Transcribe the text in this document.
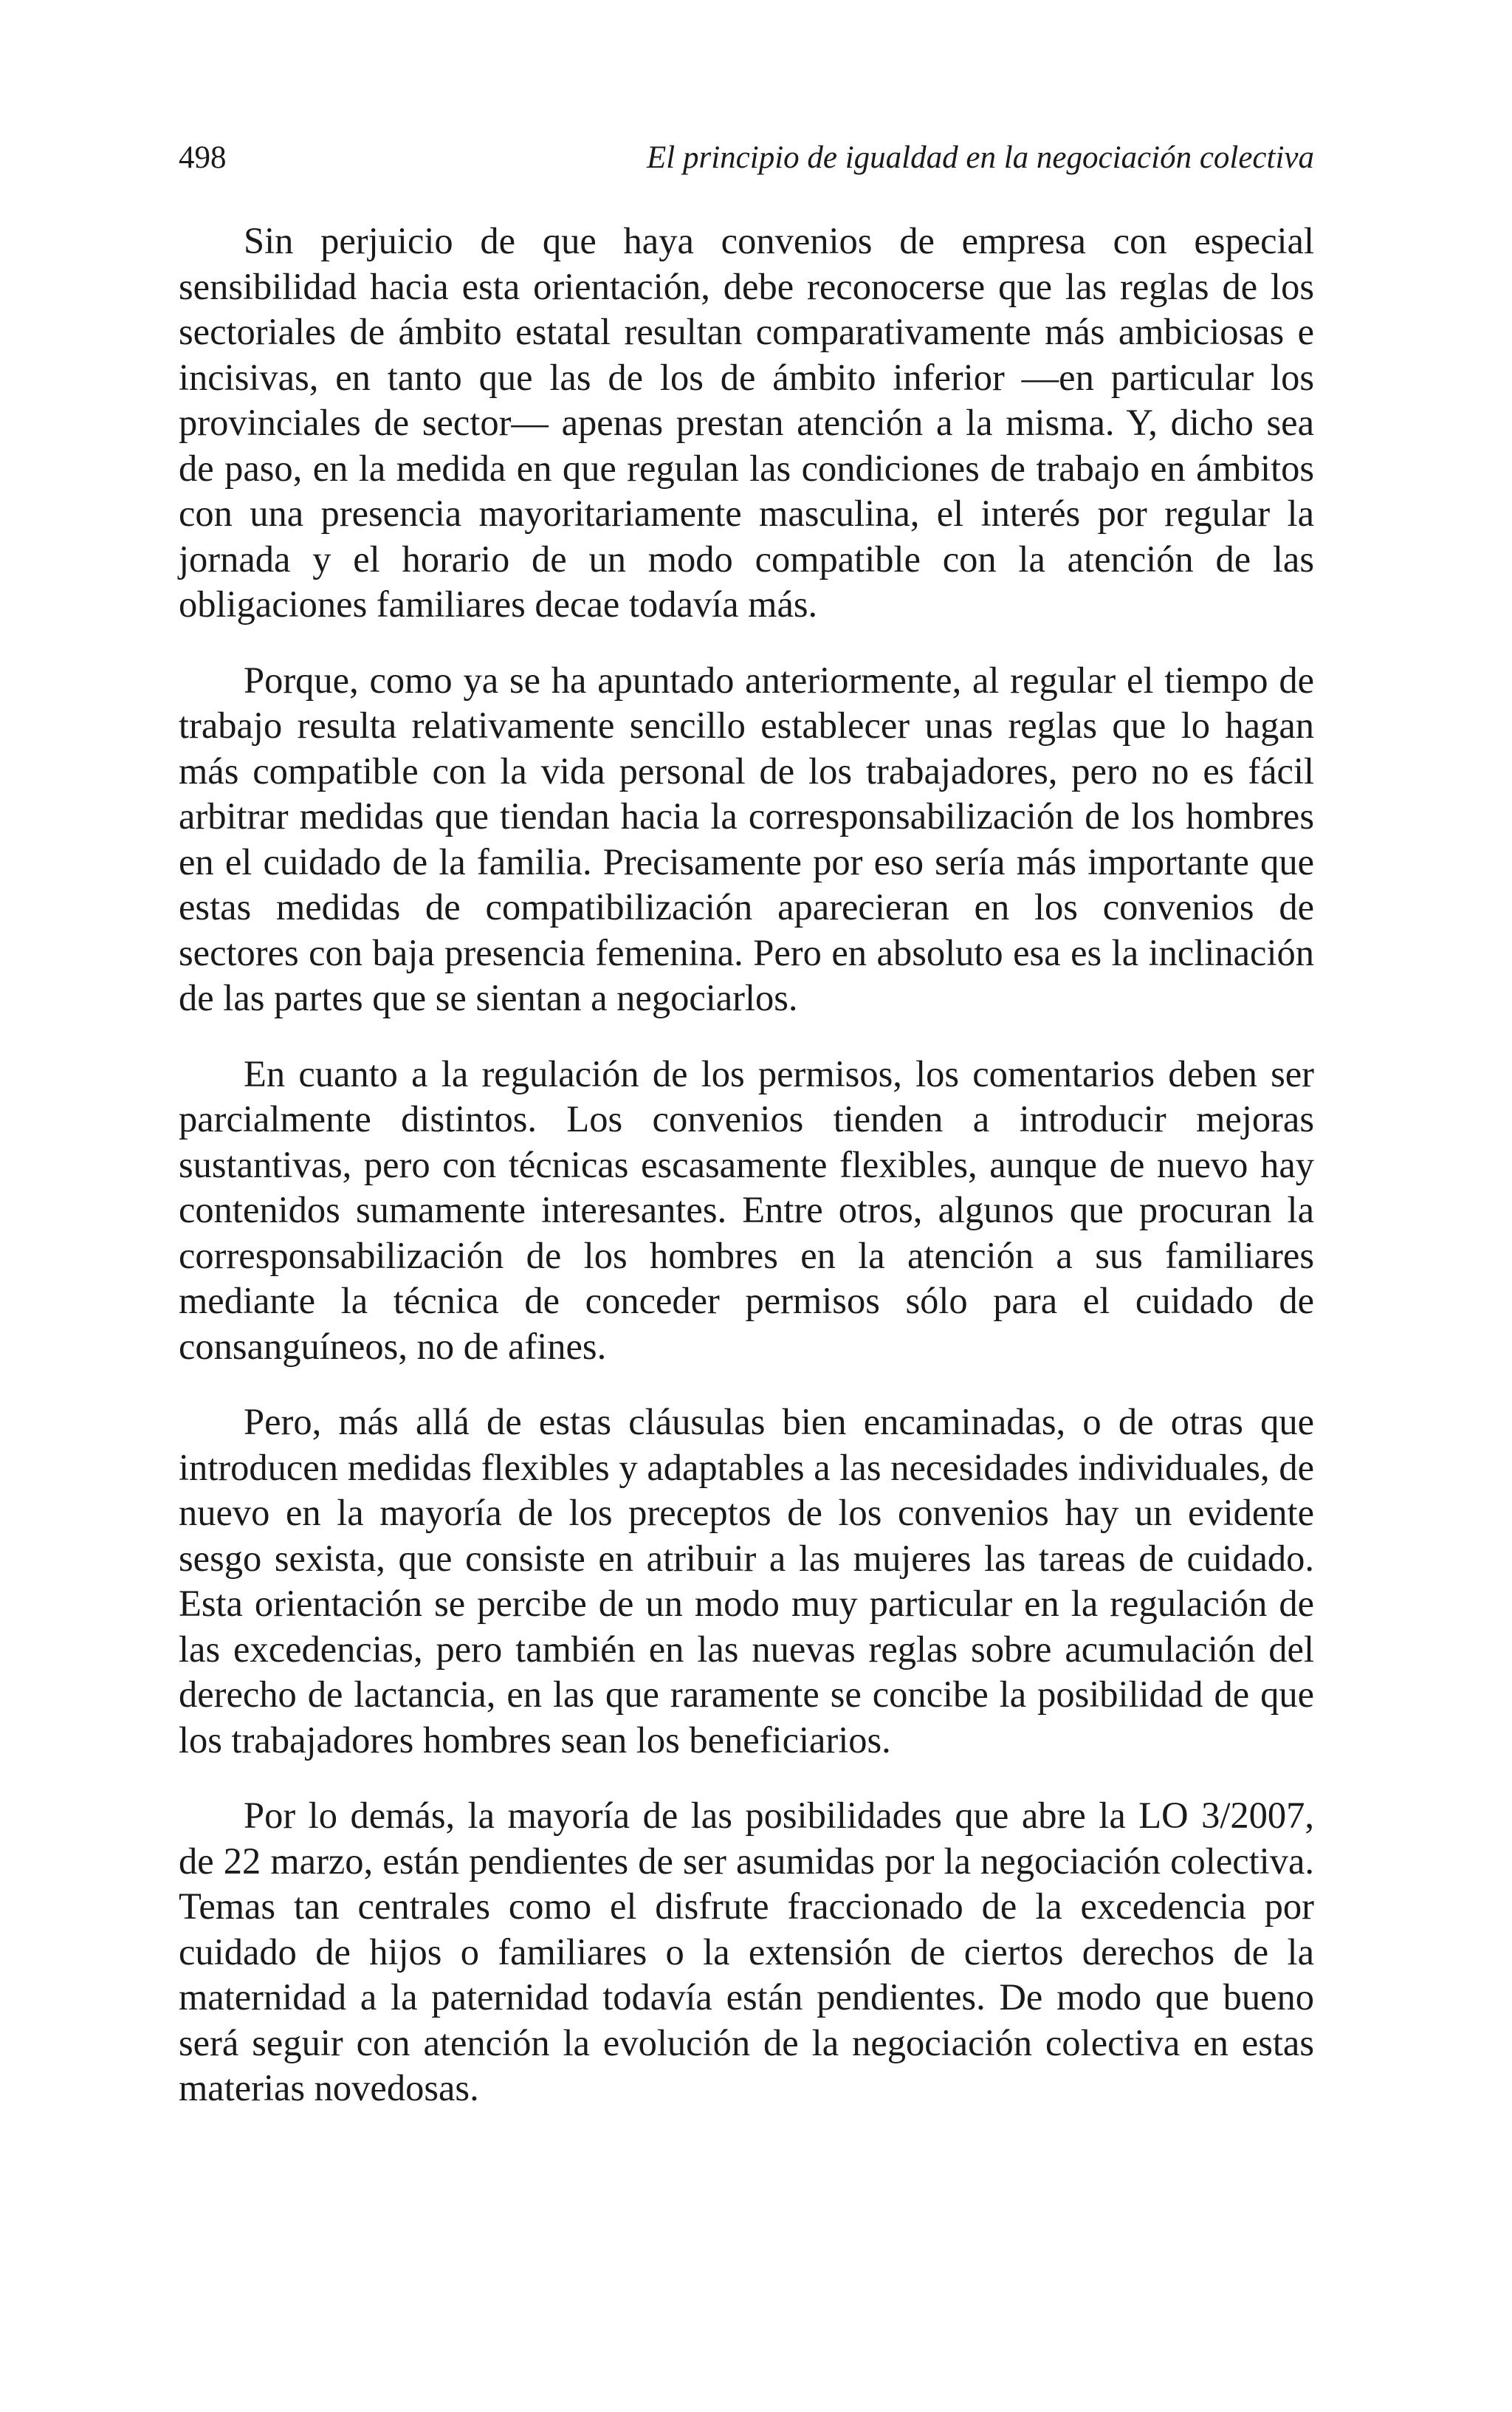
498	El principio de igualdad en la negociación colectiva

Sin perjuicio de que haya convenios de empresa con especial sensibilidad hacia esta orientación, debe reconocerse que las reglas de los sectoriales de ámbito estatal resultan comparativamente más ambiciosas e incisivas, en tanto que las de los de ámbito inferior —en particular los provinciales de sector— apenas prestan atención a la misma. Y, dicho sea de paso, en la medida en que regulan las condiciones de trabajo en ámbitos con una presencia mayoritariamente masculina, el interés por regular la jornada y el horario de un modo compatible con la atención de las obligaciones familiares decae todavía más.

Porque, como ya se ha apuntado anteriormente, al regular el tiempo de trabajo resulta relativamente sencillo establecer unas reglas que lo hagan más compatible con la vida personal de los trabajadores, pero no es fácil arbitrar medidas que tiendan hacia la corresponsabilización de los hombres en el cuidado de la familia. Precisamente por eso sería más importante que estas medidas de compatibilización aparecieran en los convenios de sectores con baja presencia femenina. Pero en absoluto esa es la inclinación de las partes que se sientan a negociarlos.

En cuanto a la regulación de los permisos, los comentarios deben ser parcialmente distintos. Los convenios tienden a introducir mejoras sustantivas, pero con técnicas escasamente flexibles, aunque de nuevo hay contenidos sumamente interesantes. Entre otros, algunos que procuran la corresponsabilización de los hombres en la atención a sus familiares mediante la técnica de conceder permisos sólo para el cuidado de consanguíneos, no de afines.

Pero, más allá de estas cláusulas bien encaminadas, o de otras que introducen medidas flexibles y adaptables a las necesidades individuales, de nuevo en la mayoría de los preceptos de los convenios hay un evidente sesgo sexista, que consiste en atribuir a las mujeres las tareas de cuidado. Esta orientación se percibe de un modo muy particular en la regulación de las excedencias, pero también en las nuevas reglas sobre acumulación del derecho de lactancia, en las que raramente se concibe la posibilidad de que los trabajadores hombres sean los beneficiarios.

Por lo demás, la mayoría de las posibilidades que abre la LO 3/2007, de 22 marzo, están pendientes de ser asumidas por la negociación colectiva. Temas tan centrales como el disfrute fraccionado de la excedencia por cuidado de hijos o familiares o la extensión de ciertos derechos de la maternidad a la paternidad todavía están pendientes. De modo que bueno será seguir con atención la evolución de la negociación colectiva en estas materias novedosas.
